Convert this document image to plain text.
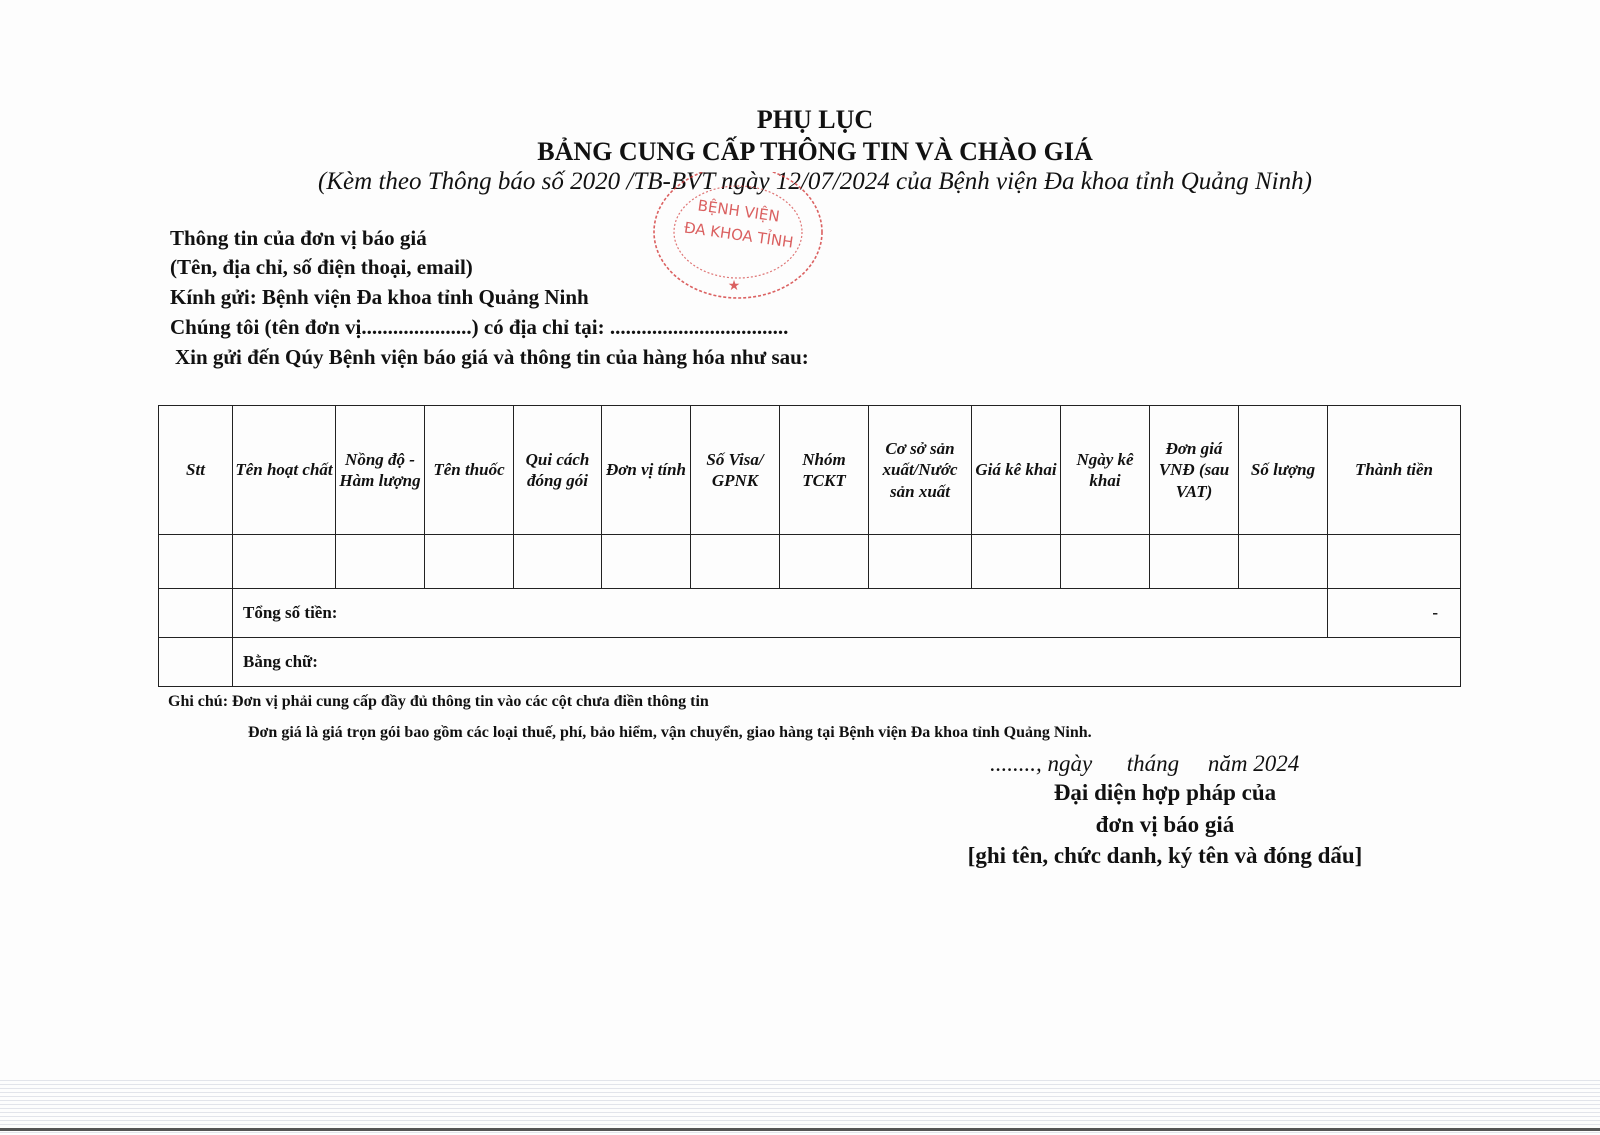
PHỤ LỤC
BẢNG CUNG CẤP THÔNG TIN VÀ CHÀO GIÁ
(Kèm theo Thông báo số 2020 /TB-BVT ngày 12/07/2024 của Bệnh viện Đa khoa tỉnh Quảng Ninh)
BỆNH VIỆN
ĐA KHOA TỈNH
★
Thông tin của đơn vị báo giá
(Tên, địa chỉ, số điện thoại, email)
Kính gửi: Bệnh viện Đa khoa tỉnh Quảng Ninh
Chúng tôi (tên đơn vị.....................) có địa chỉ tại: ..................................
Xin gửi đến Qúy Bệnh viện báo giá và thông tin của hàng hóa như sau:
Stt	Tên hoạt chất	Nồng độ - Hàm lượng	Tên thuốc	Qui cách đóng gói	Đơn vị tính	Số Visa/ GPNK	Nhóm TCKT	Cơ sở sản xuất/Nước sản xuất	Giá kê khai	Ngày kê khai	Đơn giá VNĐ (sau VAT)	Số lượng	Thành tiền

	Tổng số tiền:												-
	Bằng chữ:												
Ghi chú: Đơn vị phải cung cấp đầy đủ thông tin vào các cột chưa điền thông tin
Đơn giá là giá trọn gói bao gồm các loại thuế, phí, bảo hiểm, vận chuyển, giao hàng tại Bệnh viện Đa khoa tỉnh Quảng Ninh.
........, ngày      tháng     năm 2024
Đại diện hợp pháp của
đơn vị báo giá
[ghi tên, chức danh, ký tên và đóng dấu]
